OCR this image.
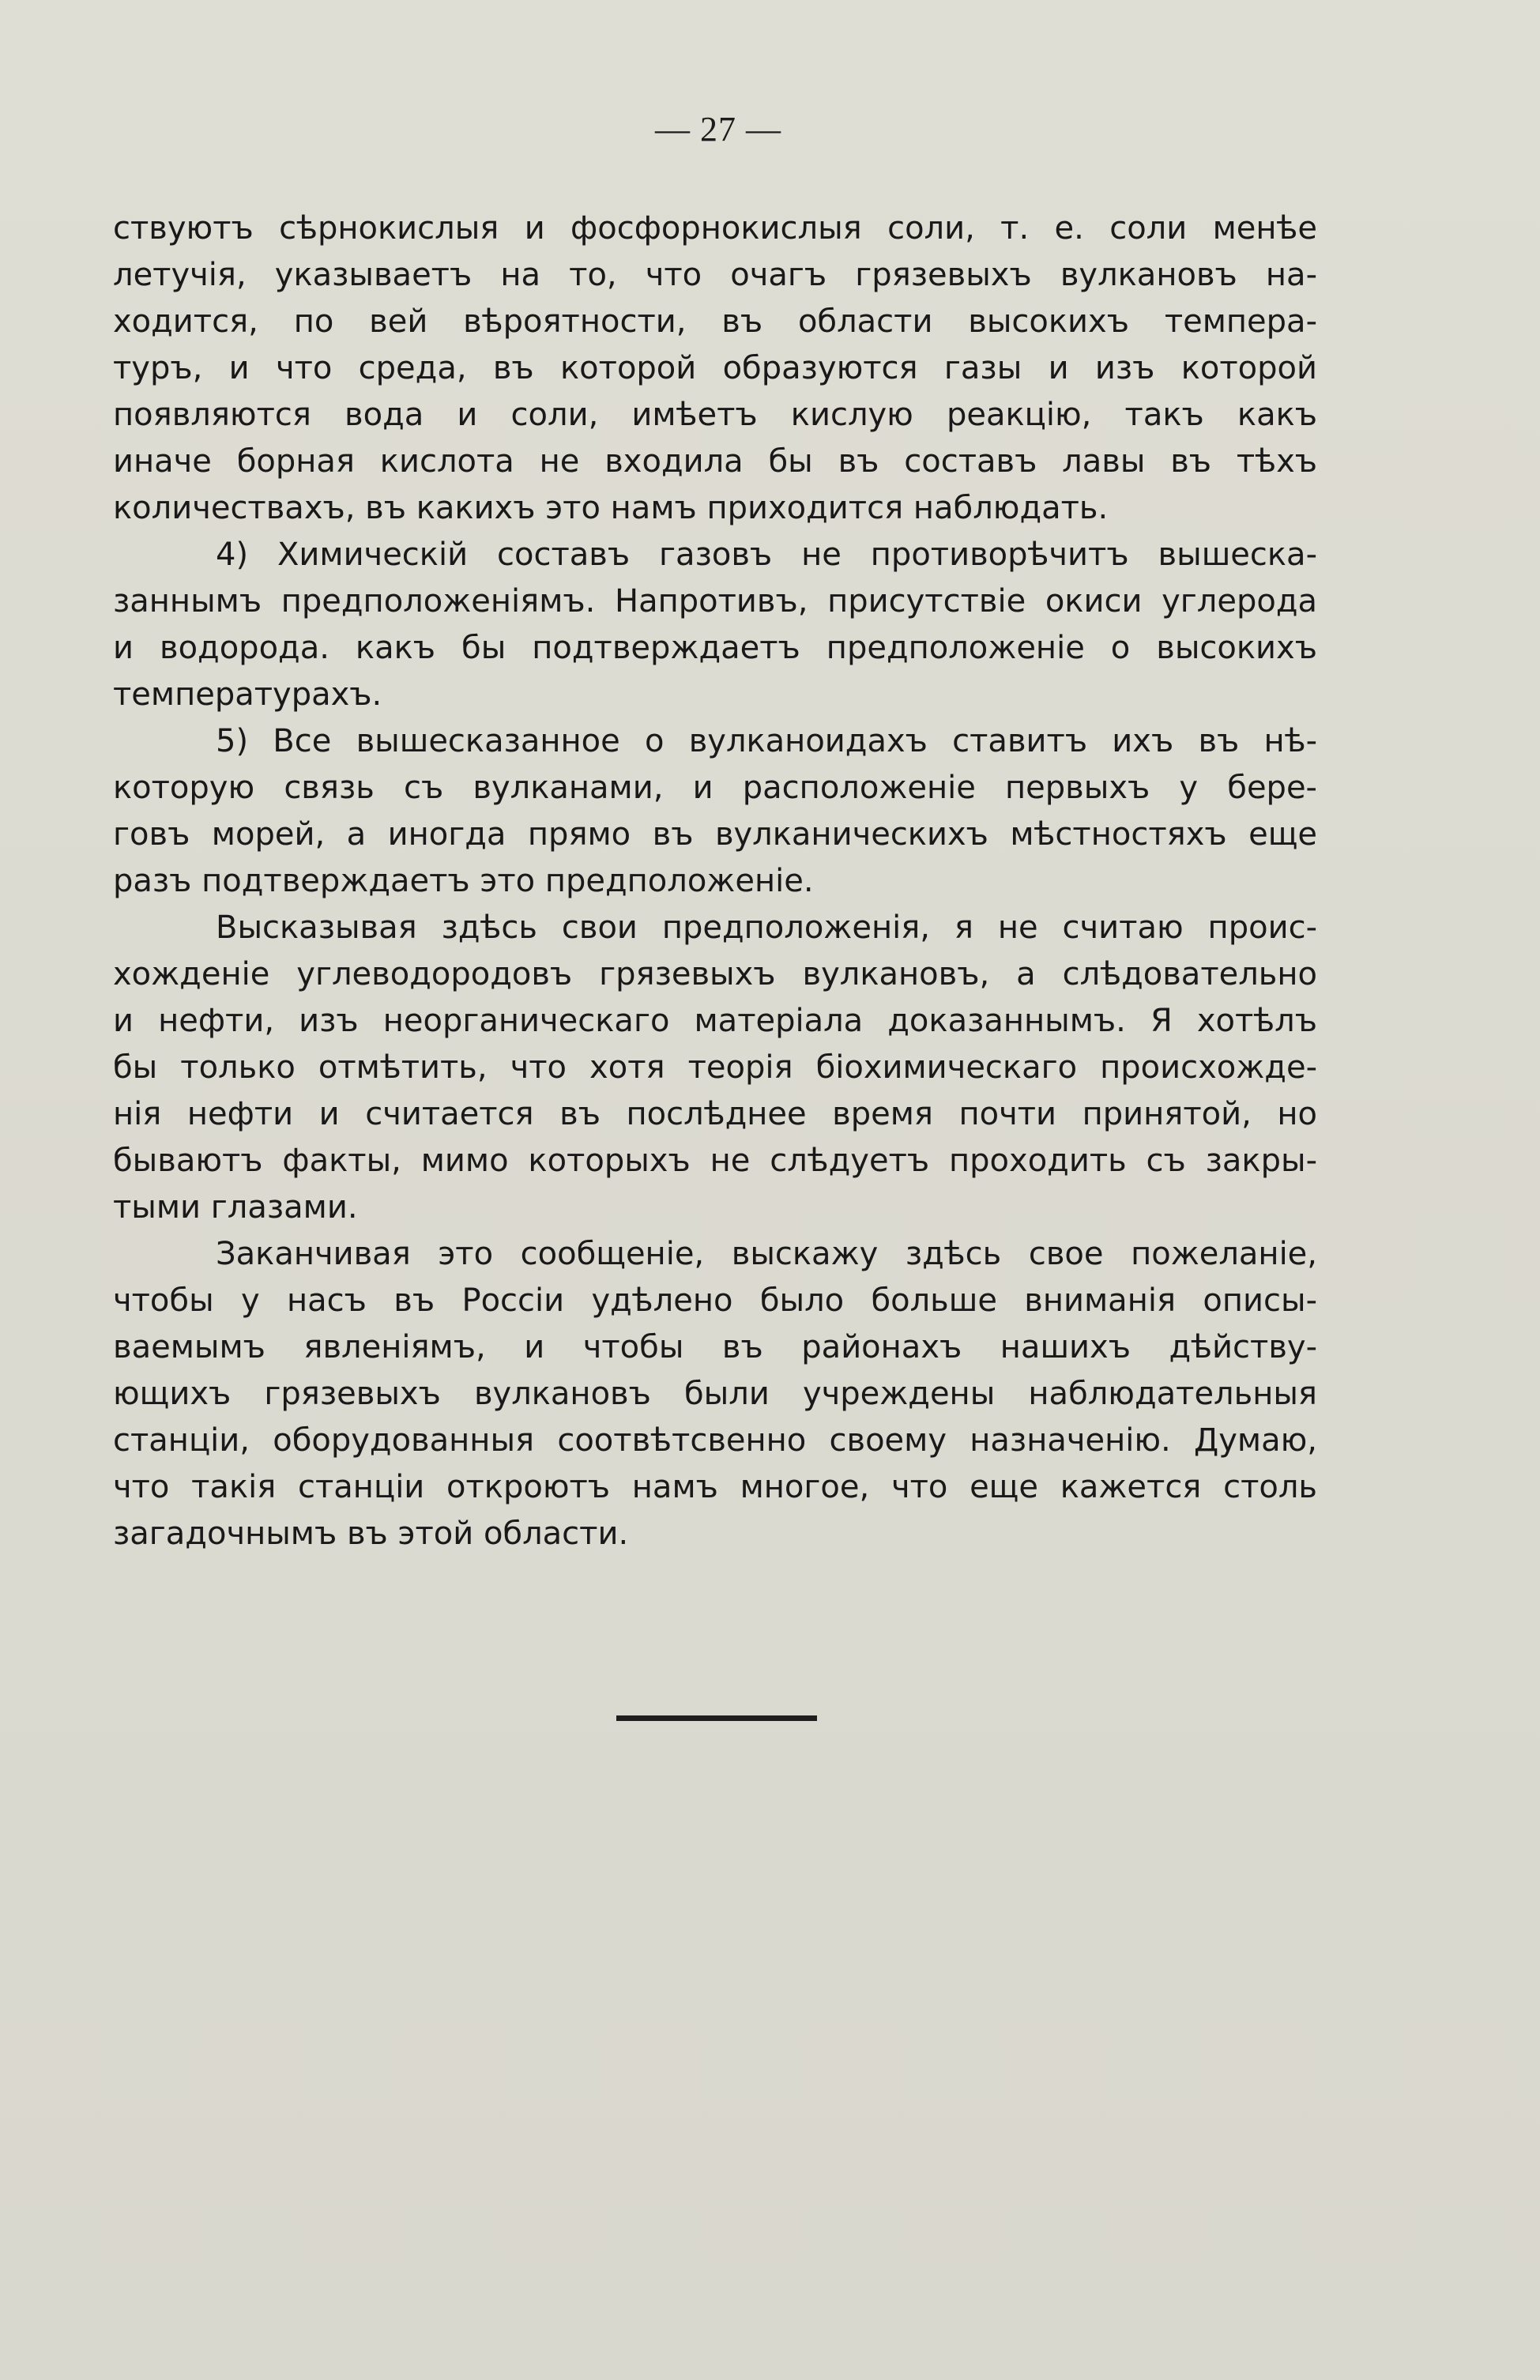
— 27 —
ствуютъ сѣрнокислыя и фосфорнокислыя соли, т. е. соли менѣе
летучія, указываетъ на то, что очагъ грязевыхъ вулкановъ на-
ходится, по вей вѣроятности, въ области высокихъ темпера-
туръ, и что среда, въ которой образуются газы и изъ которой
появляются вода и соли, имѣетъ кислую реакцію, такъ какъ
иначе борная кислота не входила бы въ составъ лавы въ тѣхъ
количествахъ, въ какихъ это намъ приходится наблюдать.
4) Химическій составъ газовъ не противорѣчитъ вышеска-
заннымъ предположеніямъ. Напротивъ, присутствіе окиси углерода
и водорода. какъ бы подтверждаетъ предположеніе о высокихъ
температурахъ.
5) Все вышесказанное о вулканоидахъ ставитъ ихъ въ нѣ-
которую связь съ вулканами, и расположеніе первыхъ у бере-
говъ морей, а иногда прямо въ вулканическихъ мѣстностяхъ еще
разъ подтверждаетъ это предположеніе.
Высказывая здѣсь свои предположенія, я не считаю проис-
хожденіе углеводородовъ грязевыхъ вулкановъ, а слѣдовательно
и нефти, изъ неорганическаго матеріала доказаннымъ. Я хотѣлъ
бы только отмѣтить, что хотя теорія біохимическаго происхожде-
нія нефти и считается въ послѣднее время почти принятой, но
бываютъ факты, мимо которыхъ не слѣдуетъ проходить съ закры-
тыми глазами.
Заканчивая это сообщеніе, выскажу здѣсь свое пожеланіе,
чтобы у насъ въ Россіи удѣлено было больше вниманія описы-
ваемымъ явленіямъ, и чтобы въ районахъ нашихъ дѣйству-
ющихъ грязевыхъ вулкановъ были учреждены наблюдательныя
станціи, оборудованныя соотвѣтсвенно своему назначенію. Думаю,
что такія станціи откроютъ намъ многое, что еще кажется столь
загадочнымъ въ этой области.
